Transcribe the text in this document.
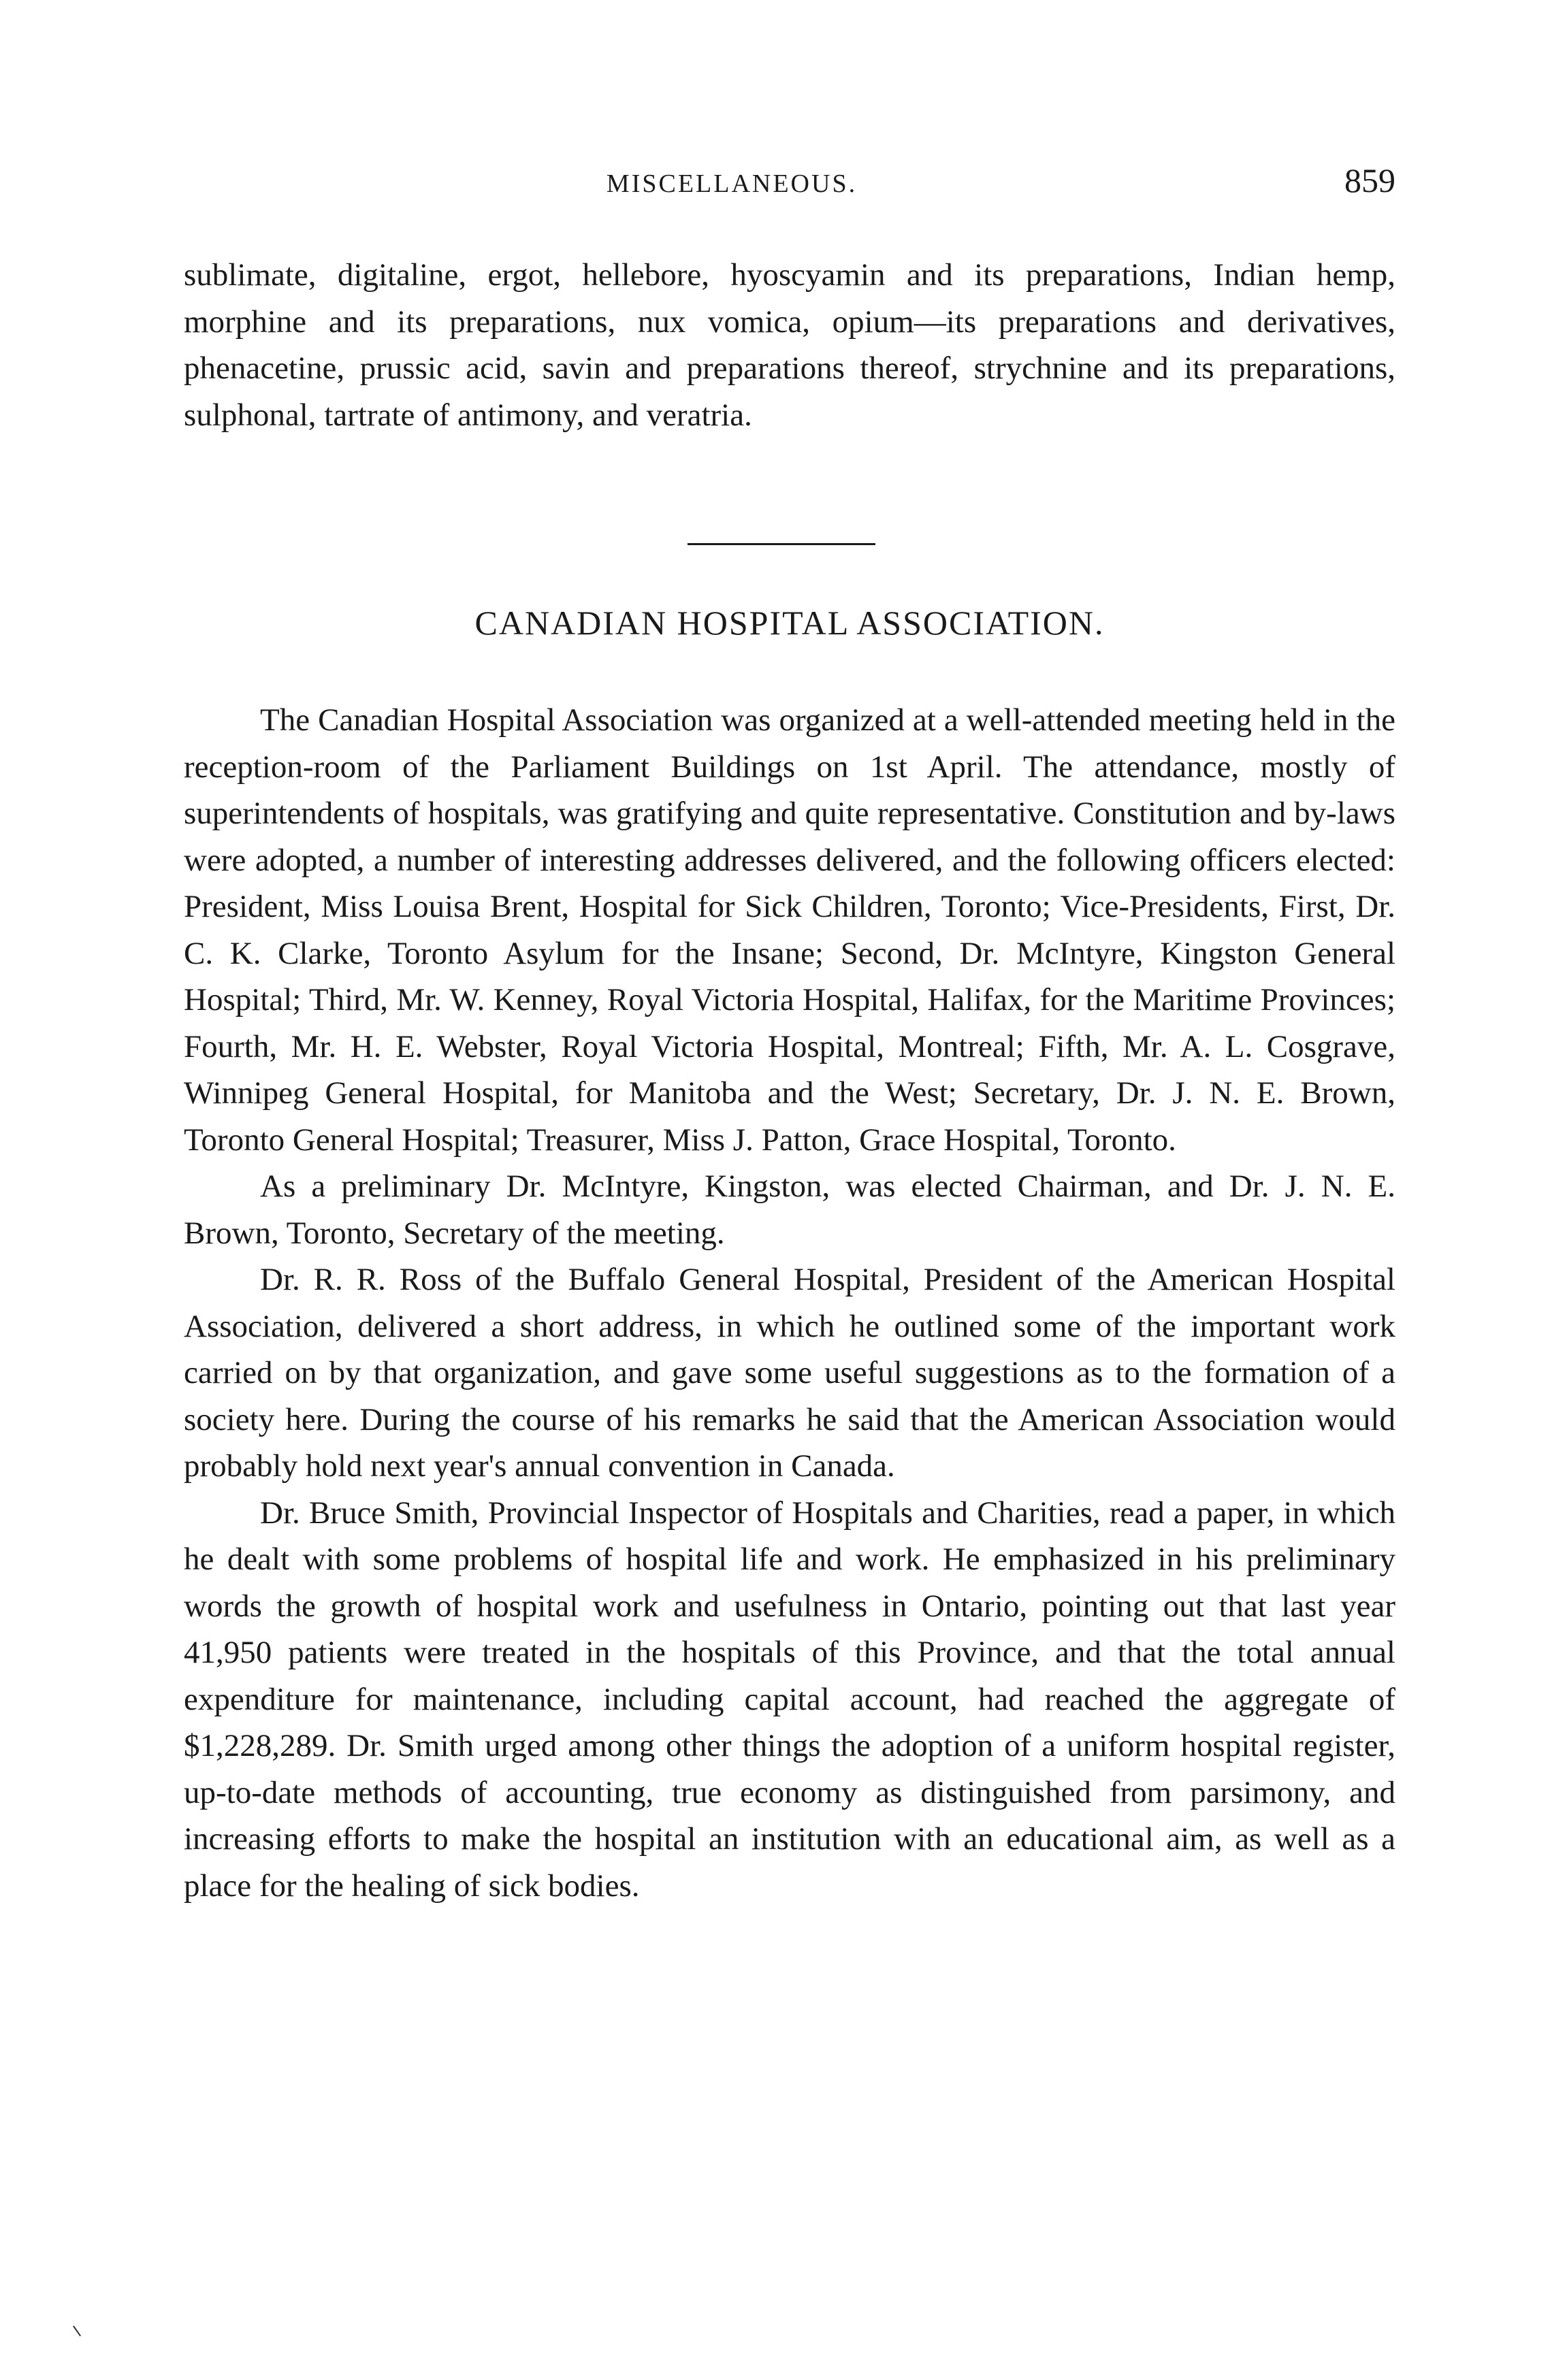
MISCELLANEOUS.	859

sublimate, digitaline, ergot, hellebore, hyoscyamin and its preparations, Indian hemp, morphine and its preparations, nux vomica, opium—its preparations and derivatives, phenacetine, prussic acid, savin and preparations thereof, strychnine and its preparations, sulphonal, tartrate of antimony, and veratria.

CANADIAN HOSPITAL ASSOCIATION.

The Canadian Hospital Association was organized at a well-attended meeting held in the reception-room of the Parliament Buildings on 1st April. The attendance, mostly of superintendents of hospitals, was gratifying and quite representative. Constitution and by-laws were adopted, a number of interesting addresses delivered, and the following officers elected: President, Miss Louisa Brent, Hospital for Sick Children, Toronto; Vice-Presidents, First, Dr. C. K. Clarke, Toronto Asylum for the Insane; Second, Dr. McIntyre, Kingston General Hospital; Third, Mr. W. Kenney, Royal Victoria Hospital, Halifax, for the Maritime Provinces; Fourth, Mr. H. E. Webster, Royal Victoria Hospital, Montreal; Fifth, Mr. A. L. Cosgrave, Winnipeg General Hospital, for Manitoba and the West; Secretary, Dr. J. N. E. Brown, Toronto General Hospital; Treasurer, Miss J. Patton, Grace Hospital, Toronto.

As a preliminary Dr. McIntyre, Kingston, was elected Chairman, and Dr. J. N. E. Brown, Toronto, Secretary of the meeting.

Dr. R. R. Ross of the Buffalo General Hospital, President of the American Hospital Association, delivered a short address, in which he outlined some of the important work carried on by that organization, and gave some useful suggestions as to the formation of a society here. During the course of his remarks he said that the American Association would probably hold next year's annual convention in Canada.

Dr. Bruce Smith, Provincial Inspector of Hospitals and Charities, read a paper, in which he dealt with some problems of hospital life and work. He emphasized in his preliminary words the growth of hospital work and usefulness in Ontario, pointing out that last year 41,950 patients were treated in the hospitals of this Province, and that the total annual expenditure for maintenance, including capital account, had reached the aggregate of $1,228,289. Dr. Smith urged among other things the adoption of a uniform hospital register, up-to-date methods of accounting, true economy as distinguished from parsimony, and increasing efforts to make the hospital an institution with an educational aim, as well as a place for the healing of sick bodies.
